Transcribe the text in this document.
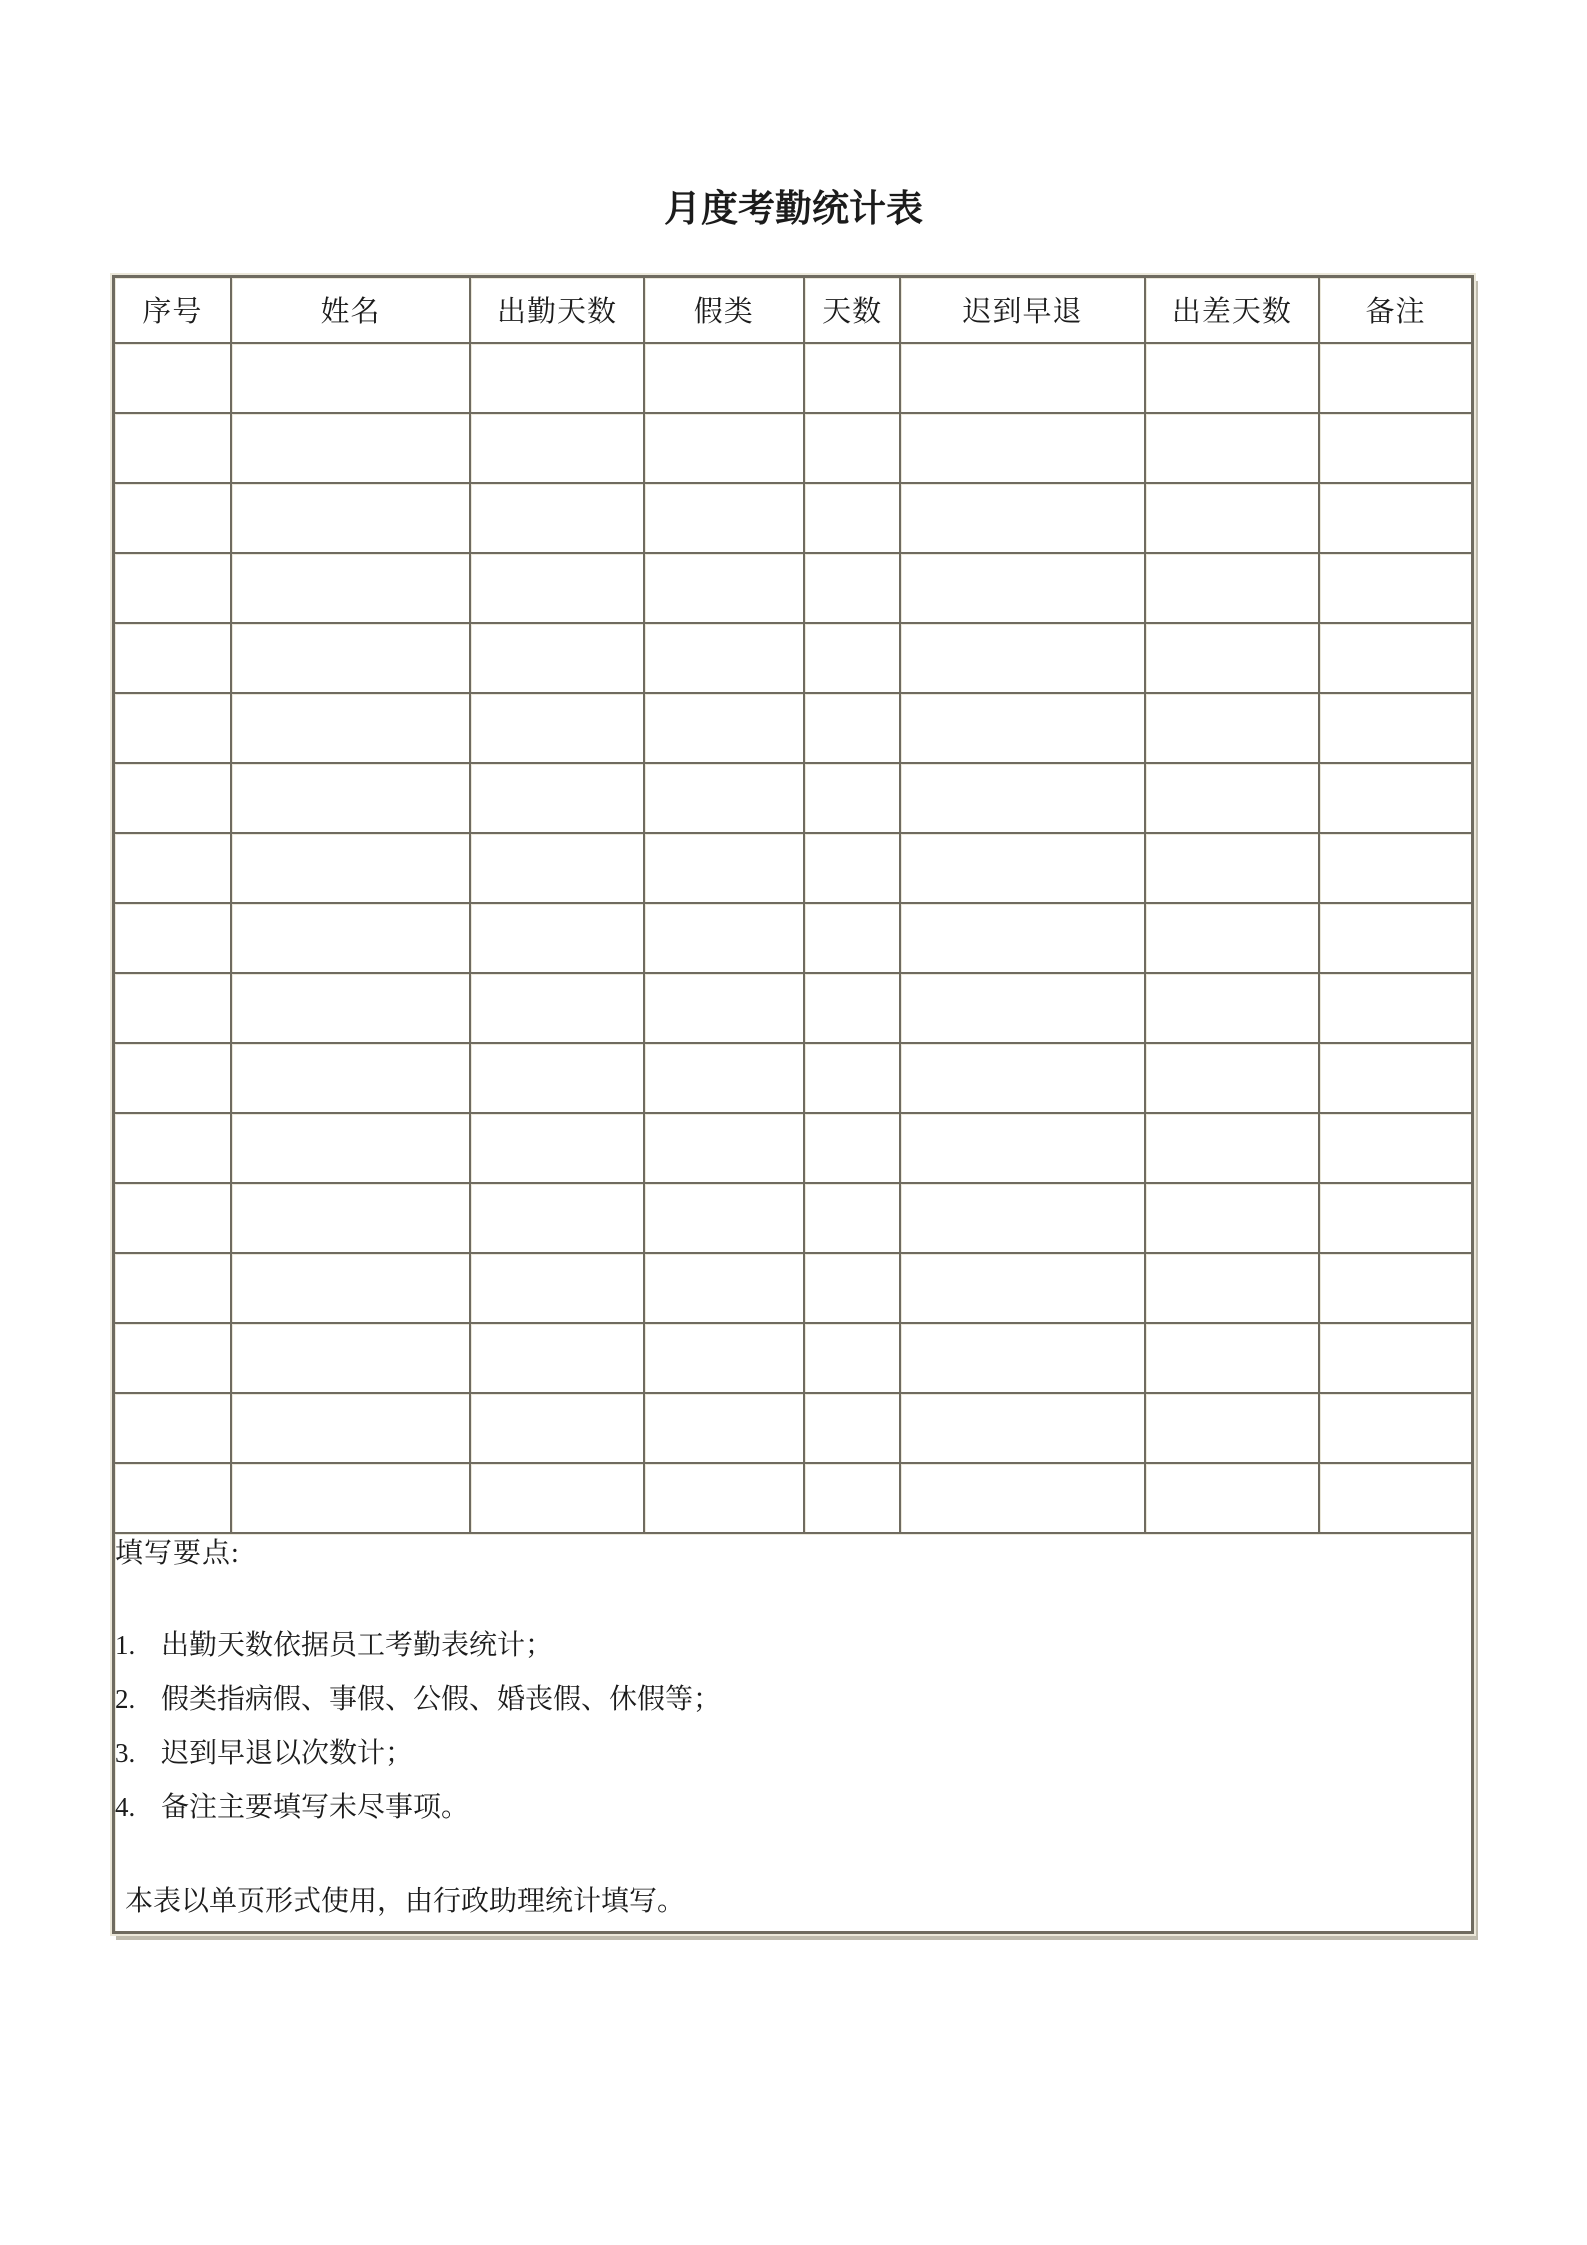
月度考勤统计表
序号	姓名	出勤天数	假类	天数	迟到早退	出差天数	备注

填写要点:

1. 出勤天数依据员工考勤表统计；
2. 假类指病假、事假、公假、婚丧假、休假等；
3. 迟到早退以次数计；
4. 备注主要填写未尽事项。

本表以单页形式使用，由行政助理统计填写。
